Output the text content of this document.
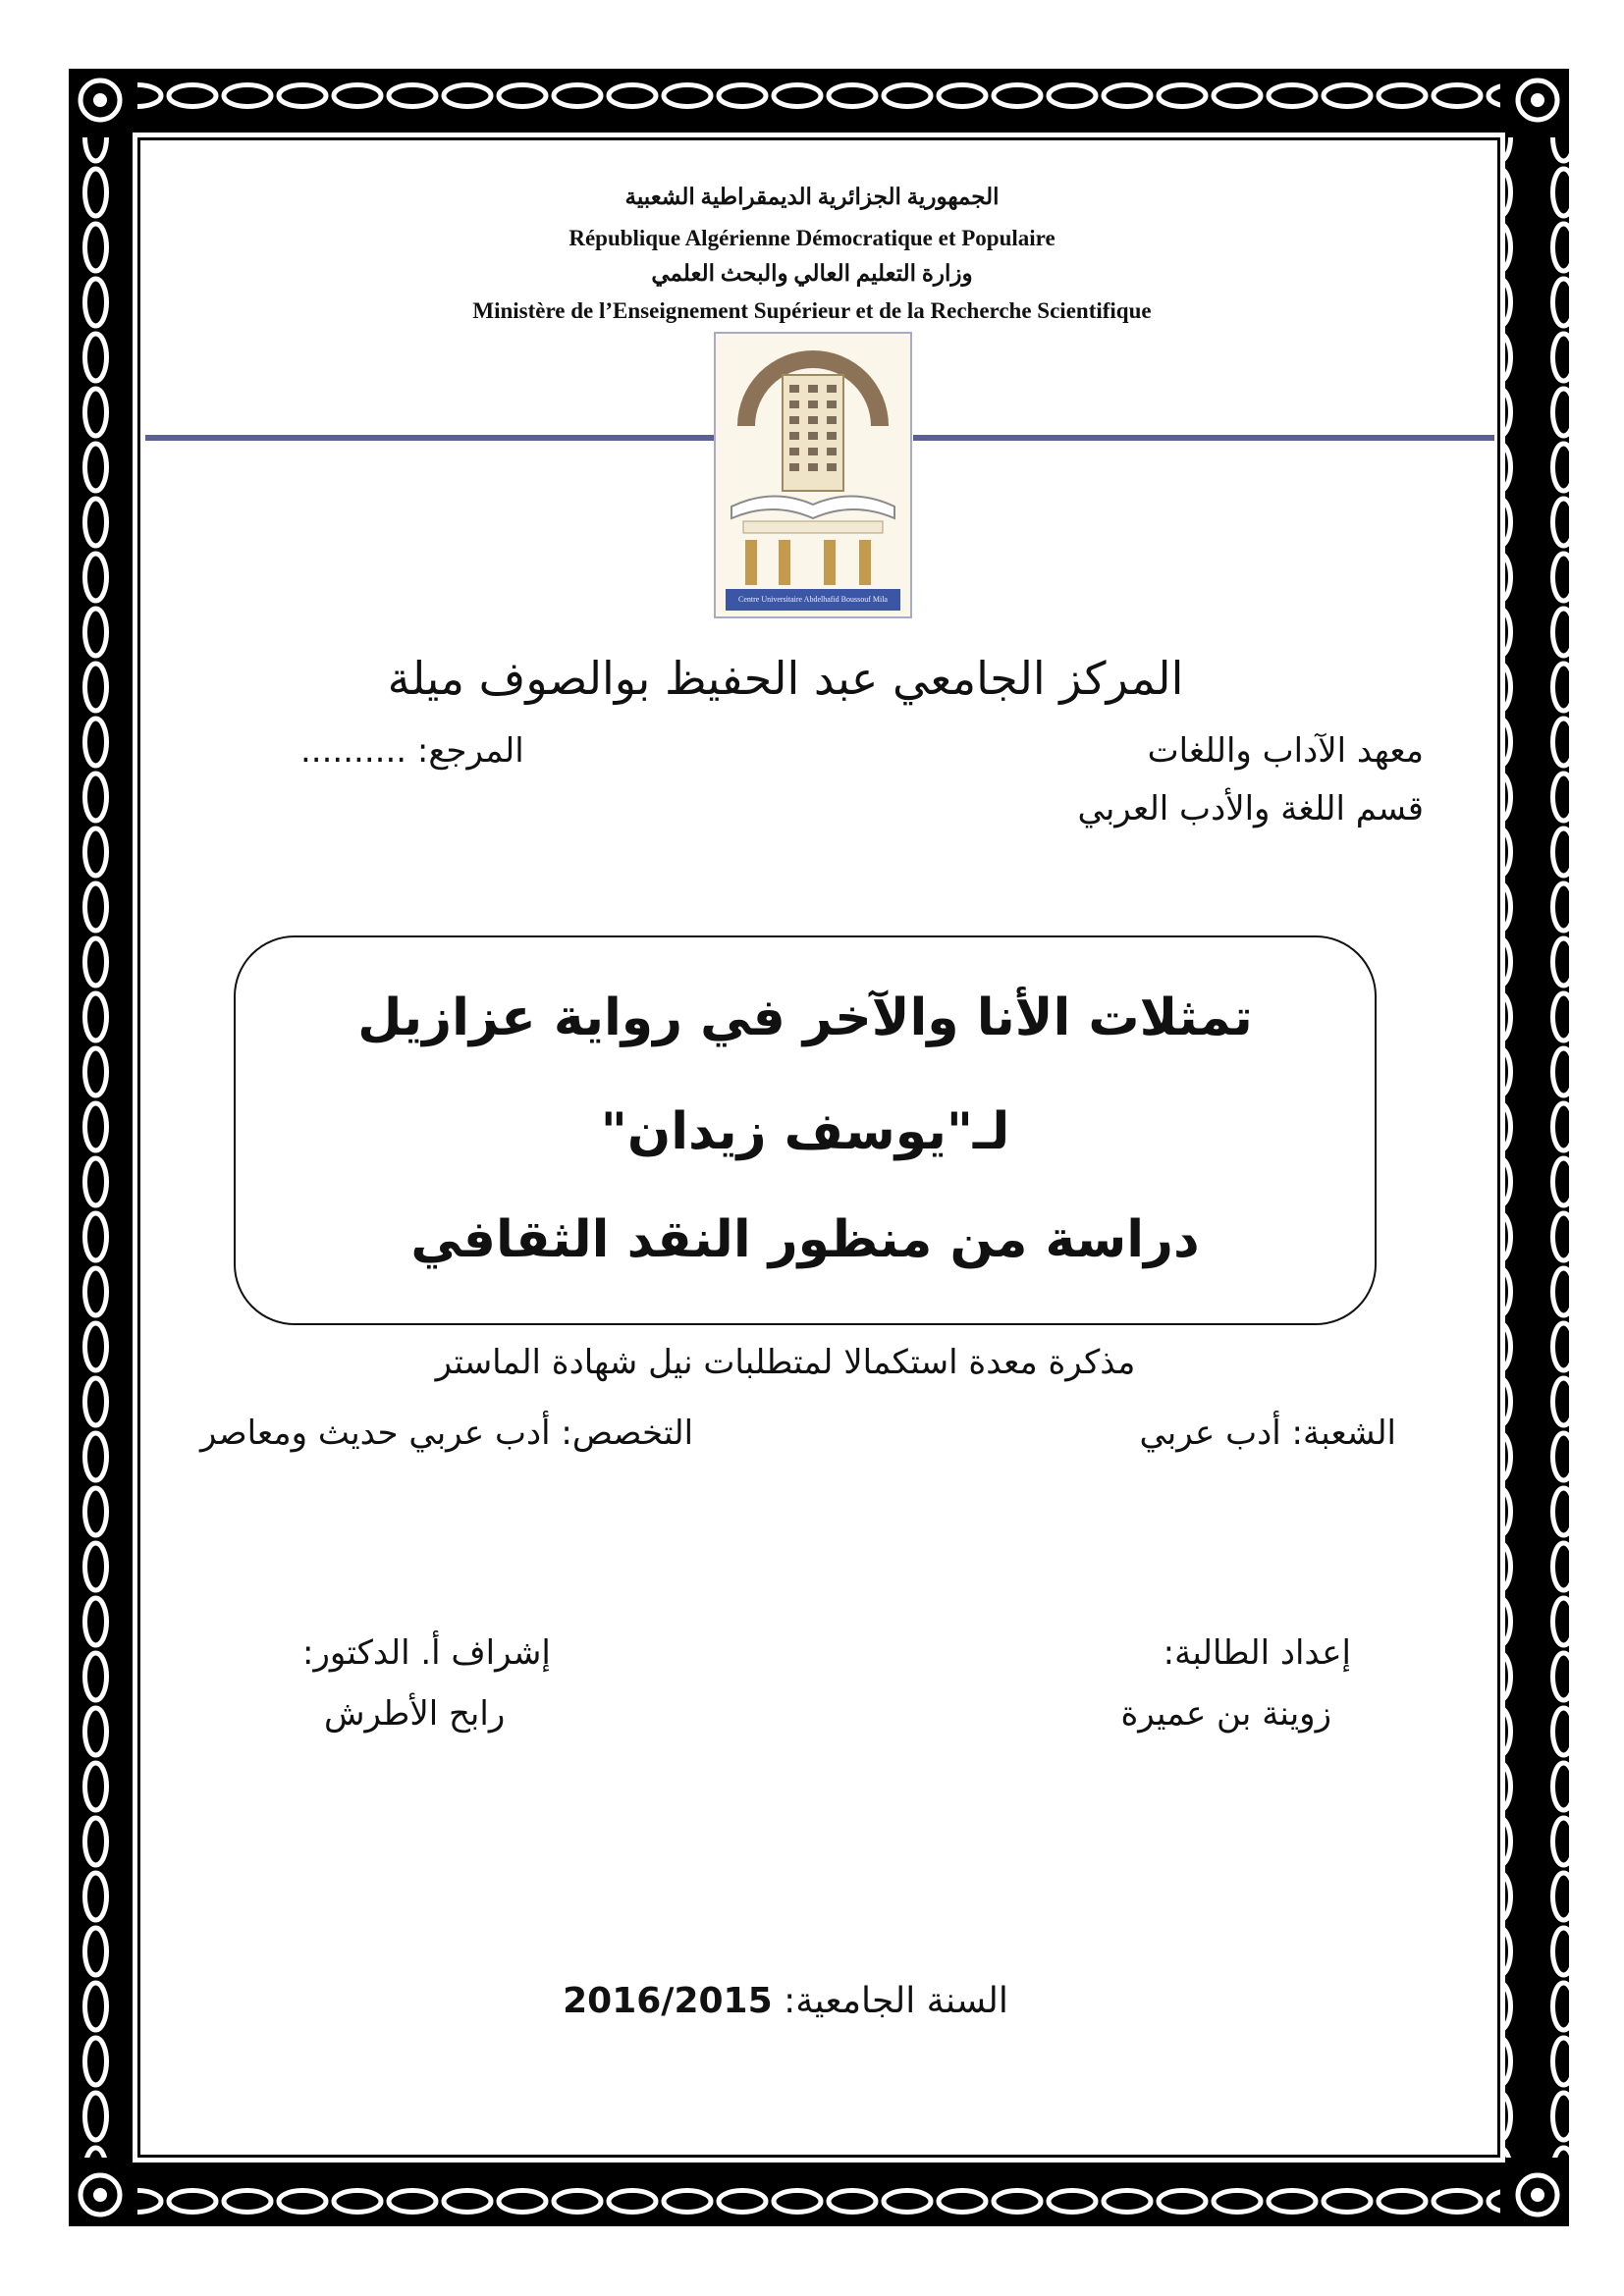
الجمهورية الجزائرية الديمقراطية الشعبية
République Algérienne Démocratique et Populaire
وزارة التعليم العالي والبحث العلمي
Ministère de l’Enseignement Supérieur et de la Recherche Scientifique
Centre Universitaire Abdelhafid Boussouf Mila
المركز الجامعي عبد الحفيظ بوالصوف ميلة
معهد الآداب واللغات
المرجع: ..........
قسم اللغة والأدب العربي
تمثلات الأنا والآخر في رواية عزازيل
لـ"يوسف زيدان"
دراسة من منظور النقد الثقافي
مذكرة معدة استكمالا لمتطلبات نيل شهادة الماستر
الشعبة: أدب عربي
التخصص: أدب عربي حديث ومعاصر
إعداد الطالبة:
زوينة بن عميرة
إشراف أ. الدكتور:
رابح الأطرش
السنة الجامعية: 2016/2015
